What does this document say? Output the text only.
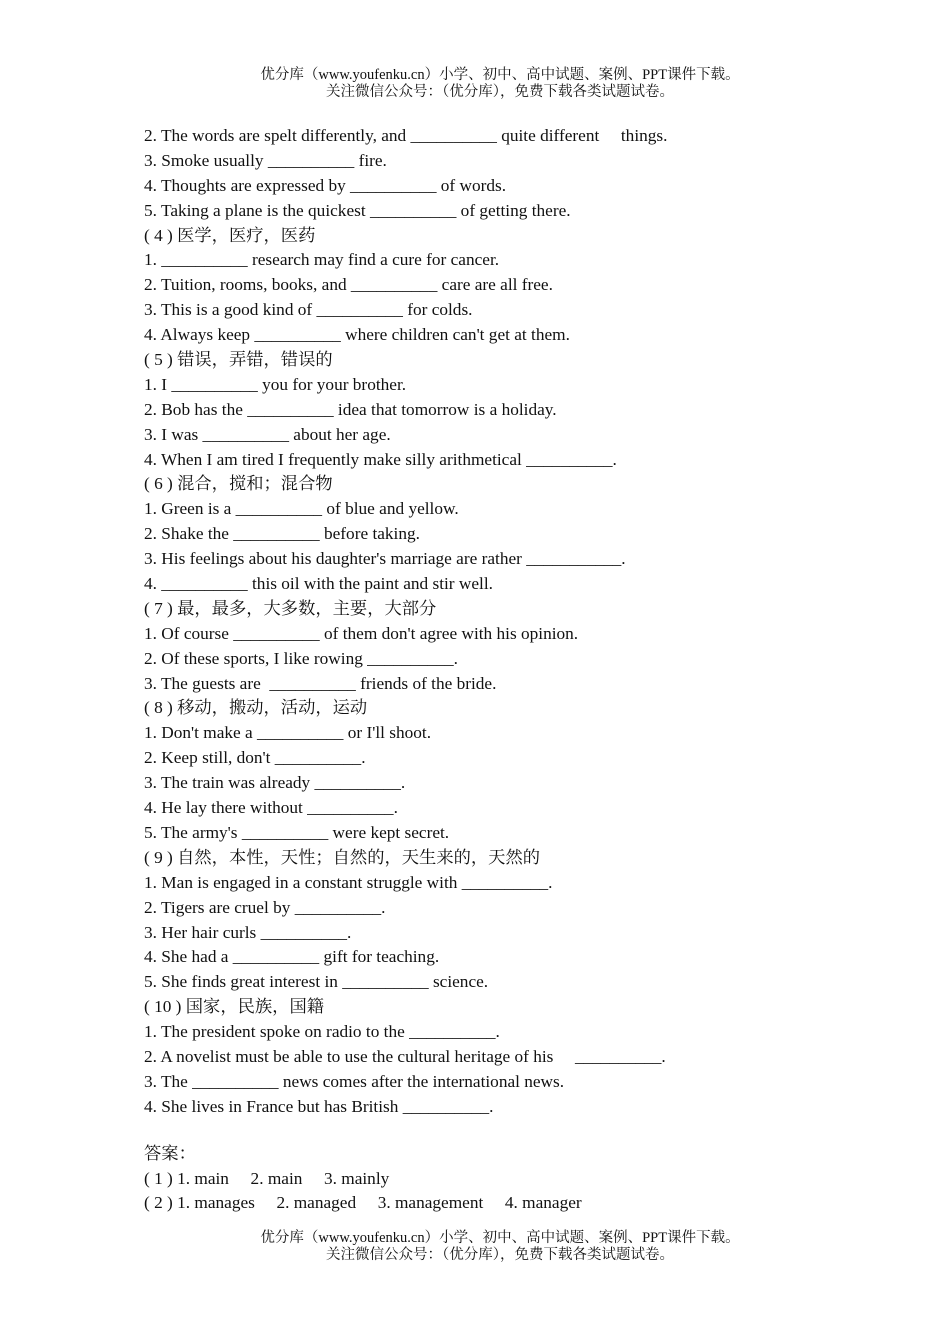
优分库（www.youfenku.cn）小学、初中、高中试题、案例、PPT课件下载。
关注微信公众号：（优分库），免费下载各类试题试卷。
2. The words are spelt differently, and __________ quite different     things.
3. Smoke usually __________ fire.
4. Thoughts are expressed by __________ of words.
5. Taking a plane is the quickest __________ of getting there.
( 4 ) 医学，医疗，医药
1. __________ research may find a cure for cancer.
2. Tuition, rooms, books, and __________ care are all free.
3. This is a good kind of __________ for colds.
4. Always keep __________ where children can't get at them.
( 5 ) 错误，弄错，错误的
1. I __________ you for your brother.
2. Bob has the __________ idea that tomorrow is a holiday.
3. I was __________ about her age.
4. When I am tired I frequently make silly arithmetical __________.
( 6 ) 混合，搅和；混合物
1. Green is a __________ of blue and yellow.
2. Shake the __________ before taking.
3. His feelings about his daughter's marriage are rather ___________.
4. __________ this oil with the paint and stir well.
( 7 ) 最，最多，大多数，主要，大部分
1. Of course __________ of them don't agree with his opinion.
2. Of these sports, I like rowing __________.
3. The guests are  __________ friends of the bride.
( 8 ) 移动，搬动，活动，运动
1. Don't make a __________ or I'll shoot.
2. Keep still, don't __________.
3. The train was already __________.
4. He lay there without __________.
5. The army's __________ were kept secret.
( 9 ) 自然，本性，天性；自然的，天生来的，天然的
1. Man is engaged in a constant struggle with __________.
2. Tigers are cruel by __________.
3. Her hair curls __________.
4. She had a __________ gift for teaching.
5. She finds great interest in __________ science.
( 10 ) 国家，民族，国籍
1. The president spoke on radio to the __________.
2. A novelist must be able to use the cultural heritage of his     __________.
3. The __________ news comes after the international news.
4. She lives in France but has British __________.
答案：
( 1 ) 1. main     2. main     3. mainly
( 2 ) 1. manages     2. managed     3. management     4. manager
优分库（www.youfenku.cn）小学、初中、高中试题、案例、PPT课件下载。
关注微信公众号：（优分库），免费下载各类试题试卷。
